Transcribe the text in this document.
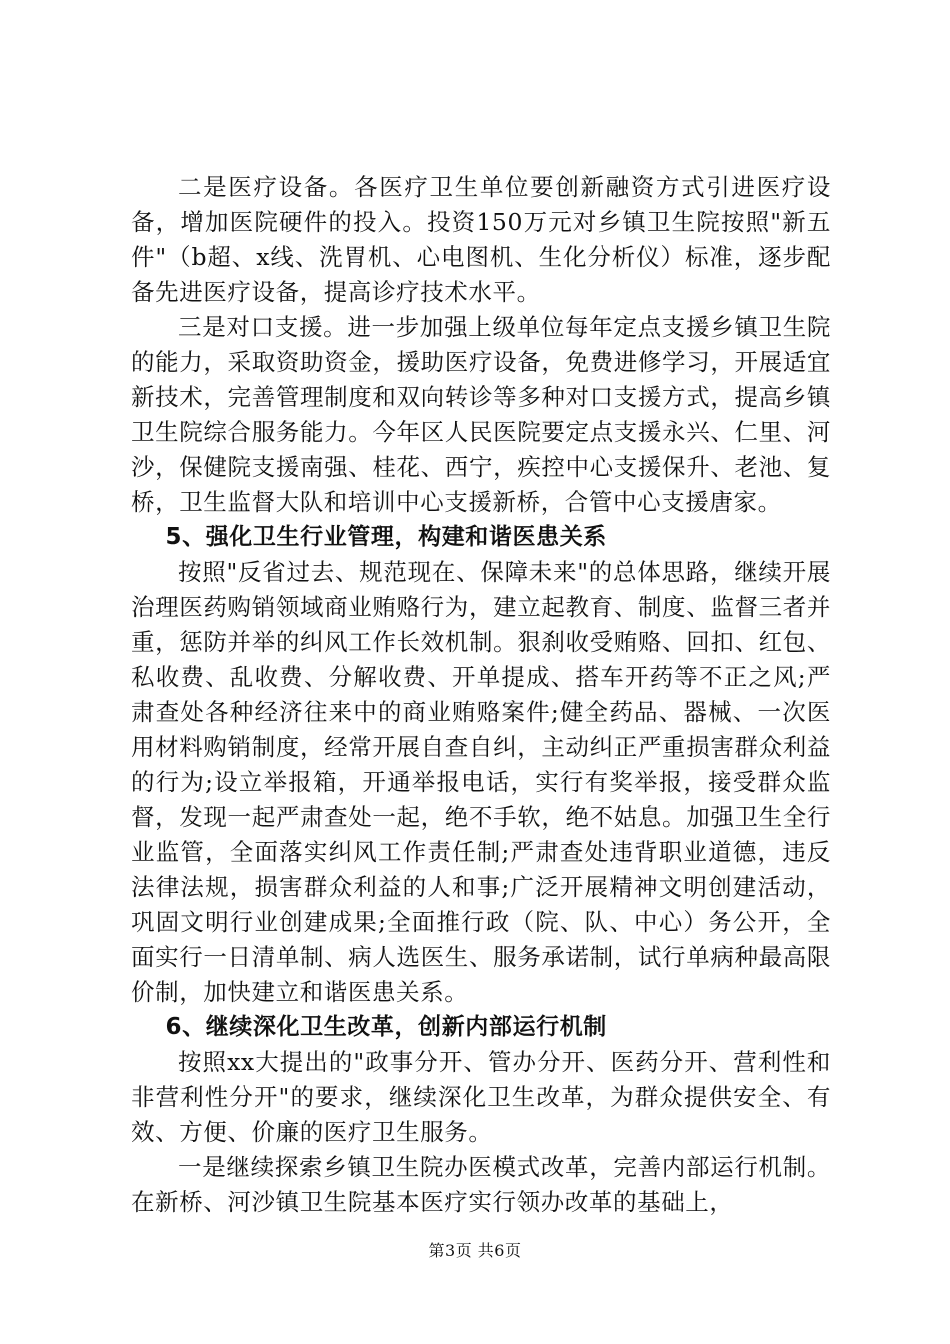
二是医疗设备。各医疗卫生单位要创新融资方式引进医疗设备，增加医院硬件的投入。投资150万元对乡镇卫生院按照"新五件"（b超、x线、洗胃机、心电图机、生化分析仪）标准，逐步配备先进医疗设备，提高诊疗技术水平。

三是对口支援。进一步加强上级单位每年定点支援乡镇卫生院的能力，采取资助资金，援助医疗设备，免费进修学习，开展适宜新技术，完善管理制度和双向转诊等多种对口支援方式，提高乡镇卫生院综合服务能力。今年区人民医院要定点支援永兴、仁里、河沙，保健院支援南强、桂花、西宁，疾控中心支援保升、老池、复桥，卫生监督大队和培训中心支援新桥，合管中心支援唐家。

5、强化卫生行业管理，构建和谐医患关系

按照"反省过去、规范现在、保障未来"的总体思路，继续开展治理医药购销领域商业贿赂行为，建立起教育、制度、监督三者并重，惩防并举的纠风工作长效机制。狠刹收受贿赂、回扣、红包、私收费、乱收费、分解收费、开单提成、搭车开药等不正之风;严肃查处各种经济往来中的商业贿赂案件;健全药品、器械、一次医用材料购销制度，经常开展自查自纠，主动纠正严重损害群众利益的行为;设立举报箱，开通举报电话，实行有奖举报，接受群众监督，发现一起严肃查处一起，绝不手软，绝不姑息。加强卫生全行业监管，全面落实纠风工作责任制;严肃查处违背职业道德，违反法律法规，损害群众利益的人和事;广泛开展精神文明创建活动，巩固文明行业创建成果;全面推行政（院、队、中心）务公开，全面实行一日清单制、病人选医生、服务承诺制，试行单病种最高限价制，加快建立和谐医患关系。

6、继续深化卫生改革，创新内部运行机制

按照xx大提出的"政事分开、管办分开、医药分开、营利性和非营利性分开"的要求，继续深化卫生改革，为群众提供安全、有效、方便、价廉的医疗卫生服务。

一是继续探索乡镇卫生院办医模式改革，完善内部运行机制。在新桥、河沙镇卫生院基本医疗实行领办改革的基础上，

第3页 共6页
